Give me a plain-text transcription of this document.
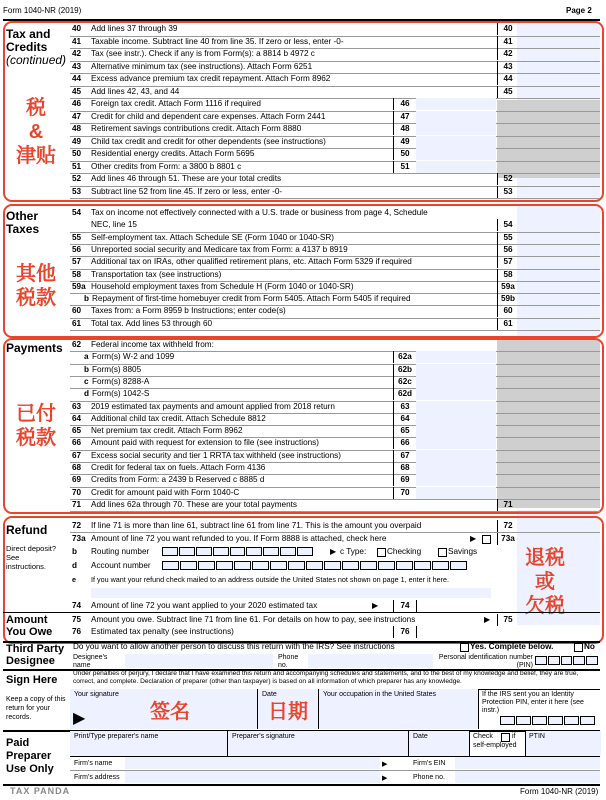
Form 1040-NR (2019)	Page 2
Tax and
Credits
(continued)
税
&
津贴
40	Add lines 37 through 39	40
41	Taxable income. Subtract line 40 from line 35. If zero or less, enter -0-	41
42	Tax (see instr.). Check if any is from Form(s): a 8814 b 4972 c	42
43	Alternative minimum tax (see instructions). Attach Form 6251	43
44	Excess advance premium tax credit repayment. Attach Form 8962	44
45	Add lines 42, 43, and 44	45
46	Foreign tax credit. Attach Form 1116 if required	46
47	Credit for child and dependent care expenses. Attach Form 2441	47
48	Retirement savings contributions credit. Attach Form 8880	48
49	Child tax credit and credit for other dependents (see instructions)	49
50	Residential energy credits. Attach Form 5695	50
51	Other credits from Form: a 3800 b 8801 c	51
52	Add lines 46 through 51. These are your total credits	52
53	Subtract line 52 from line 45. If zero or less, enter -0-	53
Other
Taxes
其他
税款
54	Tax on income not effectively connected with a U.S. trade or business from page 4, Schedule
NEC, line 15	54
55	Self-employment tax. Attach Schedule SE (Form 1040 or 1040-SR)	55
56	Unreported social security and Medicare tax from Form: a 4137 b 8919	56
57	Additional tax on IRAs, other qualified retirement plans, etc. Attach Form 5329 if required	57
58	Transportation tax (see instructions)	58
59a Household employment taxes from Schedule H (Form 1040 or 1040-SR)	59a
b Repayment of first-time homebuyer credit from Form 5405. Attach Form 5405 if required	59b
60	Taxes from: a Form 8959 b Instructions; enter code(s)	60
61	Total tax. Add lines 53 through 60	61
Payments
已付
税款
62	Federal income tax withheld from:
a Form(s) W-2 and 1099	62a
b Form(s) 8805	62b
c Form(s) 8288-A	62c
d Form(s) 1042-S	62d
63	2019 estimated tax payments and amount applied from 2018 return	63
64	Additional child tax credit. Attach Schedule 8812	64
65	Net premium tax credit. Attach Form 8962	65
66	Amount paid with request for extension to file (see instructions)	66
67	Excess social security and tier 1 RRTA tax withheld (see instructions)	67
68	Credit for federal tax on fuels. Attach Form 4136	68
69	Credits from Form: a 2439 b Reserved c 8885 d	69
70	Credit for amount paid with Form 1040-C	70
71	Add lines 62a through 70. These are your total payments	71
Refund
Direct deposit?
See
instructions.
72	If line 71 is more than line 61, subtract line 61 from line 71. This is the amount you overpaid	72
73a Amount of line 72 you want refunded to you. If Form 8888 is attached, check here	▶	73a
b	Routing number	▶ c Type:	Checking	Savings
d	Account number
e	If you want your refund check mailed to an address outside the United States not shown on page 1, enter it here.
退税
或
欠税
74	Amount of line 72 you want applied to your 2020 estimated tax	▶	74
Amount
You Owe
75	Amount you owe. Subtract line 71 from line 61. For details on how to pay, see instructions	▶	75
76	Estimated tax penalty (see instructions)	76
Third Party
Designee
Do you want to allow another person to discuss this return with the IRS? See instructions	Yes. Complete below.	No
Designee's name
Phone no.
Personal identification number (PIN)
Sign Here
Keep a copy of this return for your records.
Under penalties of perjury, I declare that I have examined this return and accompanying schedules and statements, and to the best of my knowledge and belief, they are true, correct, and complete. Declaration of preparer (other than taxpayer) is based on all information of which preparer has any knowledge.
Your signature
▶	签名
Date
日期
Your occupation in the United States	If the IRS sent you an Identity Protection PIN, enter it here (see instr.)
Paid
Preparer
Use Only
Print/Type preparer's name	Preparer's signature	Date	Check	if
self-employed
PTIN
Firm's name	▶	Firm's EIN
Firm's address	▶	Phone no.
TAX PANDA	Form 1040-NR (2019)
